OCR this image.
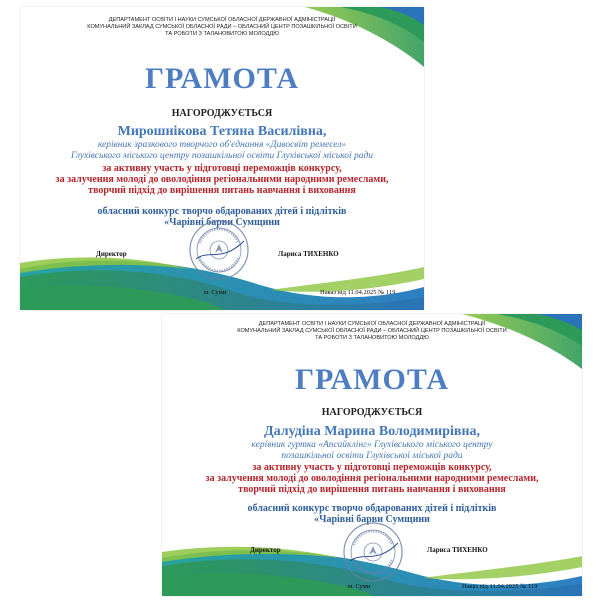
ДЕПАРТАМЕНТ ОСВІТИ І НАУКИ СУМСЬКОЇ ОБЛАСНОЇ ДЕРЖАВНОЇ АДМІНІСТРАЦІЇ
КОМУНАЛЬНИЙ ЗАКЛАД СУМСЬКОЇ ОБЛАСНОЇ РАДИ – ОБЛАСНИЙ ЦЕНТР ПОЗАШКІЛЬНОЇ ОСВІТИ
ТА РОБОТИ З ТАЛАНОВИТОЮ МОЛОДДЮ
ГРАМОТА
НАГОРОДЖУЄТЬСЯ
Мирошнікова Тетяна Василівна,
керівник зразкового творчого об'єднання «Дивосвіт ремесел»
Глухівського міського центру позашкільної освіти Глухівської міської ради
за активну участь у підготовці переможців конкурсу,
за залучення молоді до оволодіння регіональними народними ремеслами,
творчий підхід до вирішення питань навчання і виховання
обласний конкурс творчо обдарованих дітей і підлітків
«Чарівні барви Сумщини
Директор	Лариса ТИХЕНКО
м. Суми	Наказ від 11.04.2025 № 119
ДЕПАРТАМЕНТ ОСВІТИ І НАУКИ СУМСЬКОЇ ОБЛАСНОЇ ДЕРЖАВНОЇ АДМІНІСТРАЦІЇ
КОМУНАЛЬНИЙ ЗАКЛАД СУМСЬКОЇ ОБЛАСНОЇ РАДИ – ОБЛАСНИЙ ЦЕНТР ПОЗАШКІЛЬНОЇ ОСВІТИ
ТА РОБОТИ З ТАЛАНОВИТОЮ МОЛОДДЮ
ГРАМОТА
НАГОРОДЖУЄТЬСЯ
Далудіна Марина Володимирівна,
керівник гуртка «Апсайклінг» Глухівського міського центру
позашкільної освіти Глухівської міської ради
за активну участь у підготовці переможців конкурсу,
за залучення молоді до оволодіння регіональними народними ремеслами,
творчий підхід до вирішення питань навчання і виховання
обласний конкурс творчо обдарованих дітей і підлітків
«Чарівні барви Сумщини
Директор	Лариса ТИХЕНКО
м. Суми	Наказ від 11.04.2025 № 119
